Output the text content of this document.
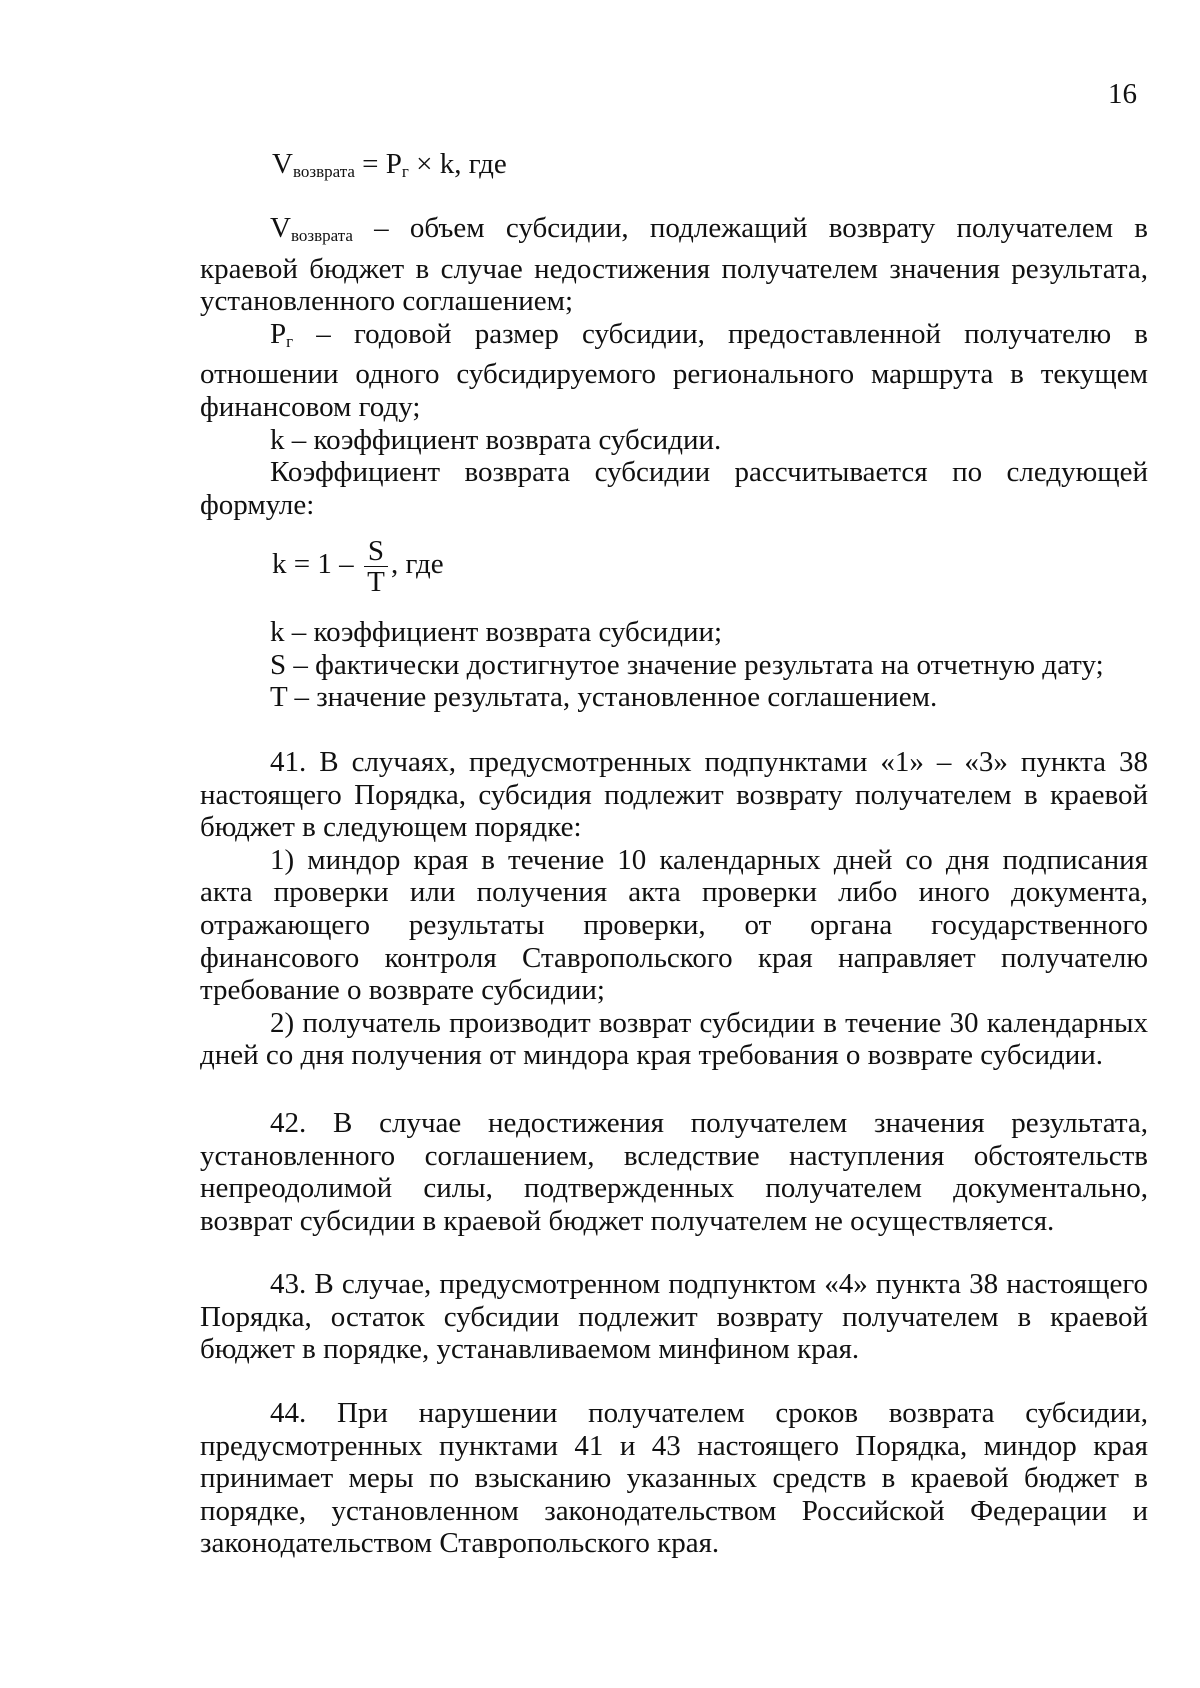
16
$V_{возврата} = P_г \times k$, где

$V_{возврата}$ – объем субсидии, подлежащий возврату получателем в краевой бюджет в случае недостижения получателем значения результата, установленного соглашением;

$P_г$ – годовой размер субсидии, предоставленной получателю в отношении одного субсидируемого регионального маршрута в текущем финансовом году;

k – коэффициент возврата субсидии.

Коэффициент возврата субсидии рассчитывается по следующей формуле:

$k = 1 - \frac{S}{T}$ , где

k – коэффициент возврата субсидии;

S – фактически достигнутое значение результата на отчетную дату;

T – значение результата, установленное соглашением.

41. В случаях, предусмотренных подпунктами «1» – «3» пункта 38 настоящего Порядка, субсидия подлежит возврату получателем в краевой бюджет в следующем порядке:

1) миндор края в течение 10 календарных дней со дня подписания акта проверки или получения акта проверки либо иного документа, отражающего результаты проверки, от органа государственного финансового контроля Ставропольского края направляет получателю требование о возврате субсидии;

2) получатель производит возврат субсидии в течение 30 календарных дней со дня получения от миндора края требования о возврате субсидии.

42. В случае недостижения получателем значения результата, установленного соглашением, вследствие наступления обстоятельств непреодолимой силы, подтвержденных получателем документально, возврат субсидии в краевой бюджет получателем не осуществляется.

43. В случае, предусмотренном подпунктом «4» пункта 38 настоящего Порядка, остаток субсидии подлежит возврату получателем в краевой бюджет в порядке, устанавливаемом минфином края.

44. При нарушении получателем сроков возврата субсидии, предусмотренных пунктами 41 и 43 настоящего Порядка, миндор края принимает меры по взысканию указанных средств в краевой бюджет в порядке, установленном законодательством Российской Федерации и законодательством Ставропольского края.
